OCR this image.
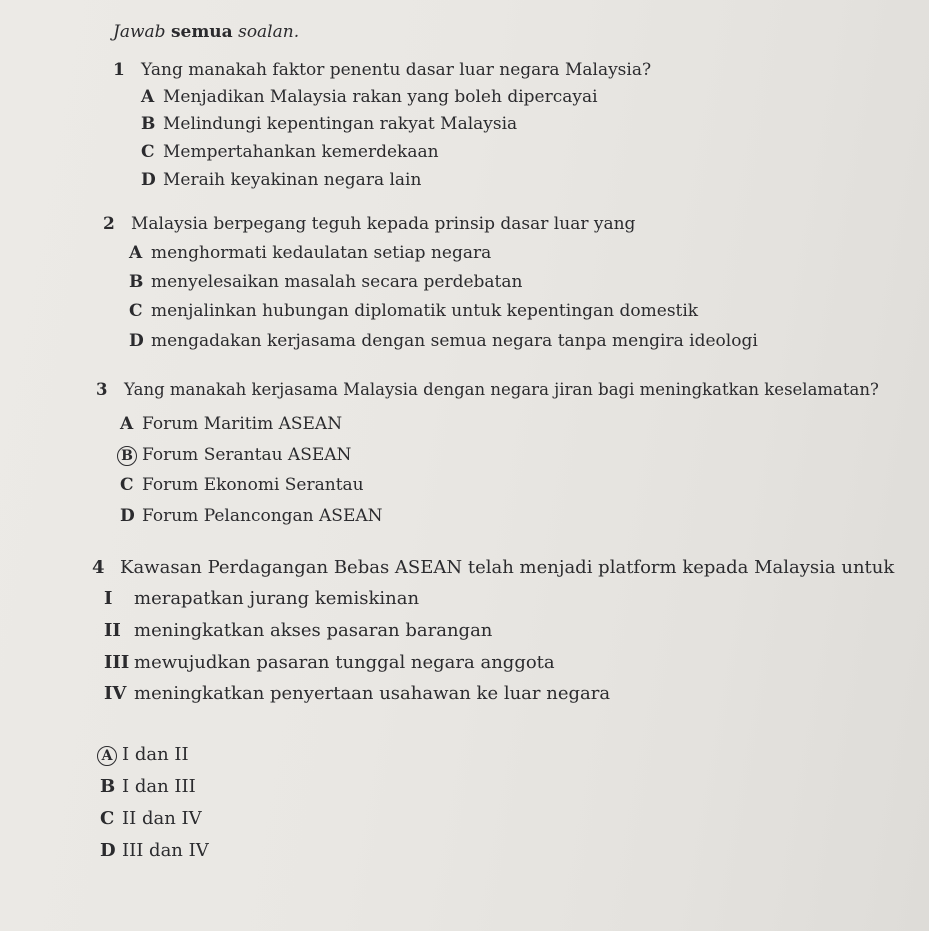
Jawab semua soalan.
1 Yang manakah faktor penentu dasar luar negara Malaysia?
A Menjadikan Malaysia rakan yang boleh dipercayai
B Melindungi kepentingan rakyat Malaysia
C Mempertahankan kemerdekaan
D Meraih keyakinan negara lain
2 Malaysia berpegang teguh kepada prinsip dasar luar yang
A menghormati kedaulatan setiap negara
B menyelesaikan masalah secara perdebatan
C menjalinkan hubungan diplomatik untuk kepentingan domestik
D mengadakan kerjasama dengan semua negara tanpa mengira ideologi
3 Yang manakah kerjasama Malaysia dengan negara jiran bagi meningkatkan keselamatan?
A Forum Maritim ASEAN
B Forum Serantau ASEAN
C Forum Ekonomi Serantau
D Forum Pelancongan ASEAN
4 Kawasan Perdagangan Bebas ASEAN telah menjadi platform kepada Malaysia untuk
I merapatkan jurang kemiskinan
II meningkatkan akses pasaran barangan
III mewujudkan pasaran tunggal negara anggota
IV meningkatkan penyertaan usahawan ke luar negara
A I dan II
B I dan III
C II dan IV
D III dan IV
